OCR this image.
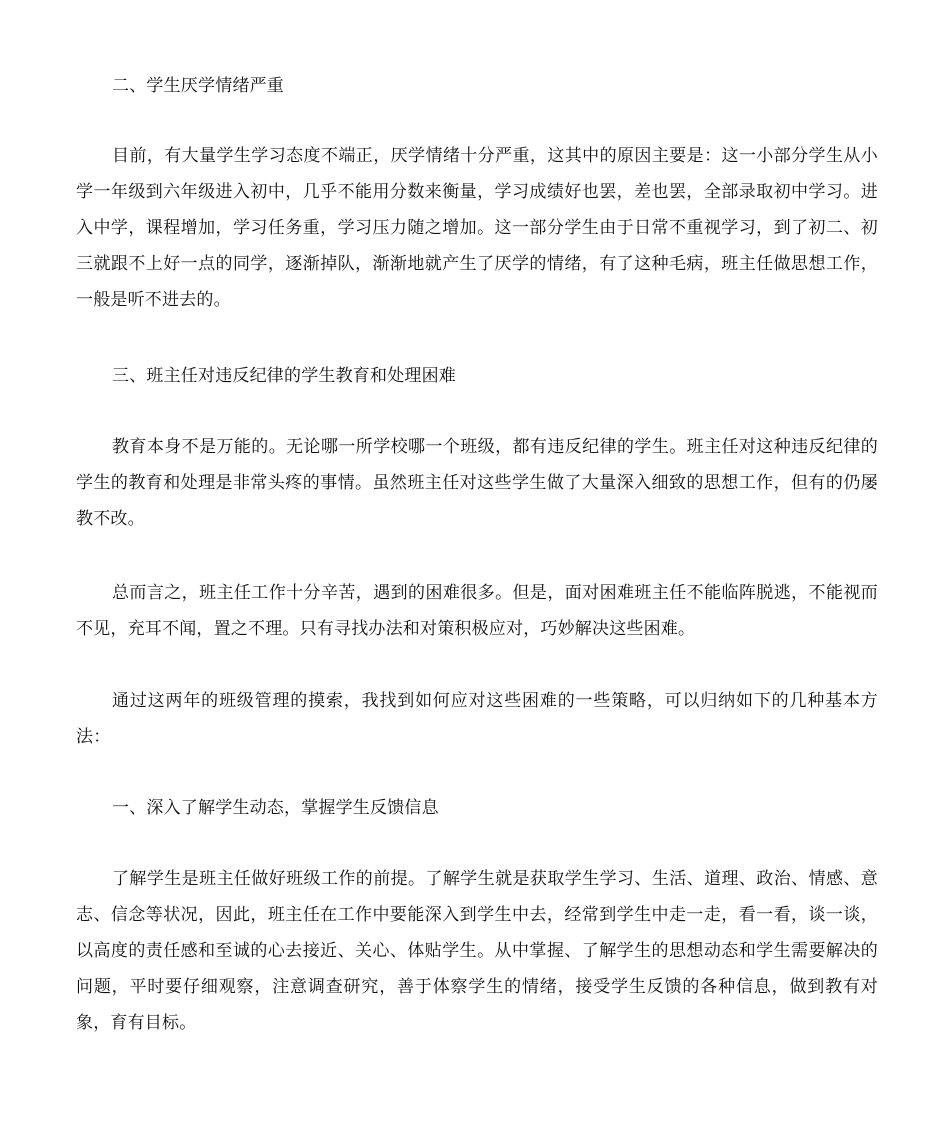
二、学生厌学情绪严重

目前，有大量学生学习态度不端正，厌学情绪十分严重，这其中的原因主要是：这一小部分学生从小学一年级到六年级进入初中，几乎不能用分数来衡量，学习成绩好也罢，差也罢，全部录取初中学习。进入中学，课程增加，学习任务重，学习压力随之增加。这一部分学生由于日常不重视学习，到了初二、初三就跟不上好一点的同学，逐渐掉队，渐渐地就产生了厌学的情绪，有了这种毛病，班主任做思想工作，一般是听不进去的。

三、班主任对违反纪律的学生教育和处理困难

教育本身不是万能的。无论哪一所学校哪一个班级，都有违反纪律的学生。班主任对这种违反纪律的学生的教育和处理是非常头疼的事情。虽然班主任对这些学生做了大量深入细致的思想工作，但有的仍屡教不改。

总而言之，班主任工作十分辛苦，遇到的困难很多。但是，面对困难班主任不能临阵脱逃，不能视而不见，充耳不闻，置之不理。只有寻找办法和对策积极应对，巧妙解决这些困难。

通过这两年的班级管理的摸索，我找到如何应对这些困难的一些策略，可以归纳如下的几种基本方法：

一、深入了解学生动态，掌握学生反馈信息

了解学生是班主任做好班级工作的前提。了解学生就是获取学生学习、生活、道理、政治、情感、意志、信念等状况，因此，班主任在工作中要能深入到学生中去，经常到学生中走一走，看一看，谈一谈，以高度的责任感和至诚的心去接近、关心、体贴学生。从中掌握、了解学生的思想动态和学生需要解决的问题，平时要仔细观察，注意调查研究，善于体察学生的情绪，接受学生反馈的各种信息，做到教有对象，育有目标。
